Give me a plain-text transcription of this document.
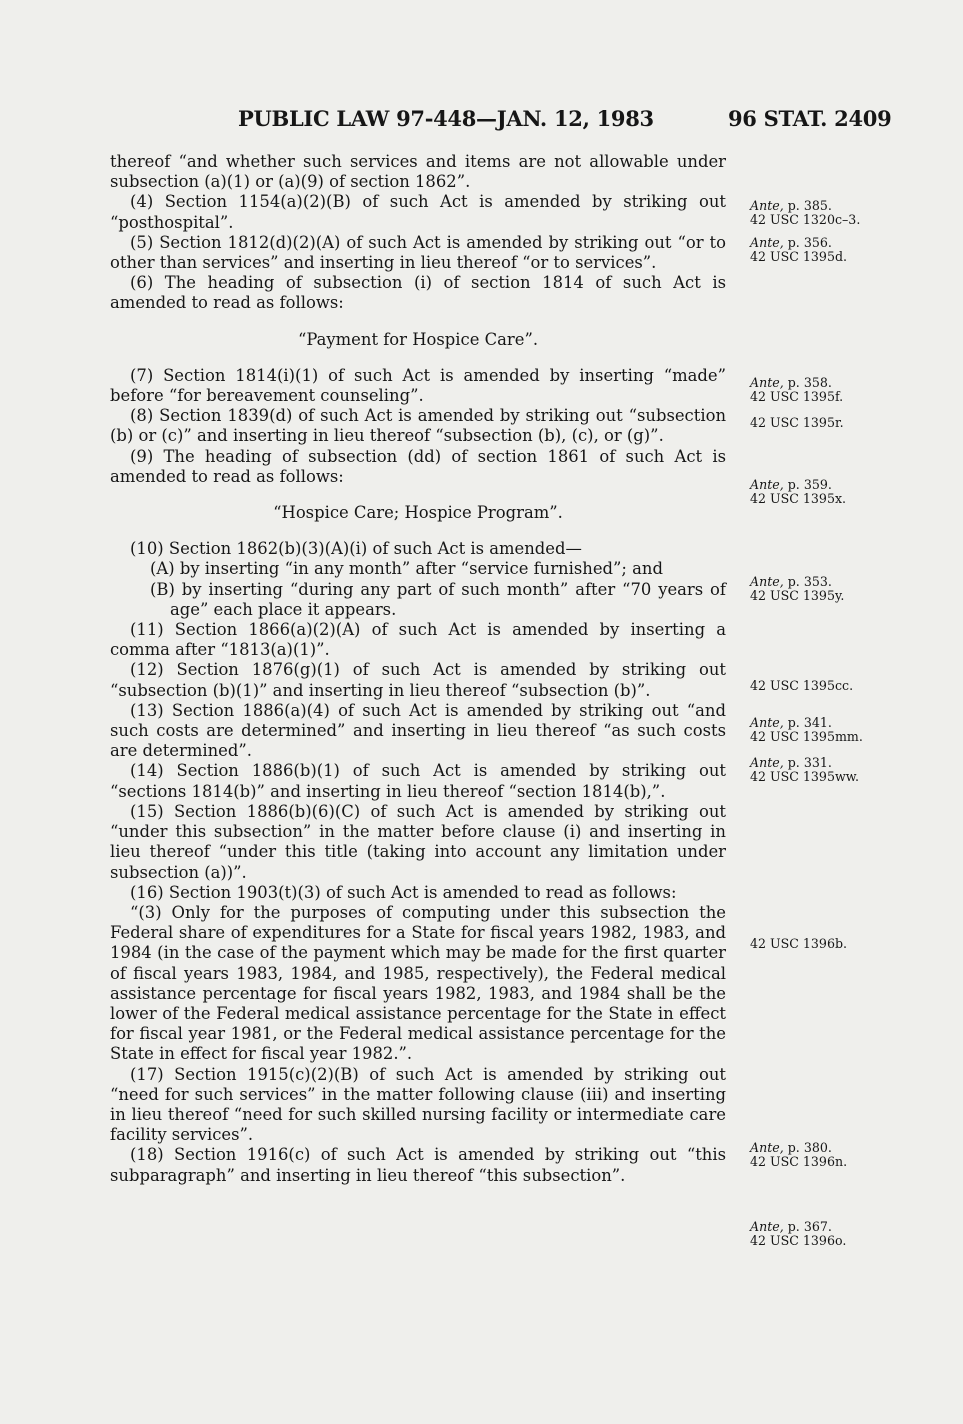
PUBLIC LAW 97-448—JAN. 12, 1983	96 STAT. 2409

thereof “and whether such services and items are not allowable under subsection (a)(1) or (a)(9) of section 1862”.

(4) Section 1154(a)(2)(B) of such Act is amended by striking out “posthospital”.

(5) Section 1812(d)(2)(A) of such Act is amended by striking out “or to other than services” and inserting in lieu thereof “or to services”.

(6) The heading of subsection (i) of section 1814 of such Act is amended to read as follows:

“Payment for Hospice Care”.

(7) Section 1814(i)(1) of such Act is amended by inserting “made” before “for bereavement counseling”.

(8) Section 1839(d) of such Act is amended by striking out “subsection (b) or (c)” and inserting in lieu thereof “subsection (b), (c), or (g)”.

(9) The heading of subsection (dd) of section 1861 of such Act is amended to read as follows:

“Hospice Care; Hospice Program”.

(10) Section 1862(b)(3)(A)(i) of such Act is amended—

(A) by inserting “in any month” after “service furnished”; and

(B) by inserting “during any part of such month” after “70 years of age” each place it appears.

(11) Section 1866(a)(2)(A) of such Act is amended by inserting a comma after “1813(a)(1)”.

(12) Section 1876(g)(1) of such Act is amended by striking out “subsection (b)(1)” and inserting in lieu thereof “subsection (b)”.

(13) Section 1886(a)(4) of such Act is amended by striking out “and such costs are determined” and inserting in lieu thereof “as such costs are determined”.

(14) Section 1886(b)(1) of such Act is amended by striking out “sections 1814(b)” and inserting in lieu thereof “section 1814(b),”.

(15) Section 1886(b)(6)(C) of such Act is amended by striking out “under this subsection” in the matter before clause (i) and inserting in lieu thereof “under this title (taking into account any limitation under subsection (a))”.

(16) Section 1903(t)(3) of such Act is amended to read as follows:

“(3) Only for the purposes of computing under this subsection the Federal share of expenditures for a State for fiscal years 1982, 1983, and 1984 (in the case of the payment which may be made for the first quarter of fiscal years 1983, 1984, and 1985, respectively), the Federal medical assistance percentage for fiscal years 1982, 1983, and 1984 shall be the lower of the Federal medical assistance percentage for the State in effect for fiscal year 1981, or the Federal medical assistance percentage for the State in effect for fiscal year 1982.”.

(17) Section 1915(c)(2)(B) of such Act is amended by striking out “need for such services” in the matter following clause (iii) and inserting in lieu thereof “need for such skilled nursing facility or intermediate care facility services”.

(18) Section 1916(c) of such Act is amended by striking out “this subparagraph” and inserting in lieu thereof “this subsection”.

Ante, p. 385.
42 USC 1320c–3.
Ante, p. 356.
42 USC 1395d.
Ante, p. 358.
42 USC 1395f.
42 USC 1395r.
Ante, p. 359.
42 USC 1395x.
Ante, p. 353.
42 USC 1395y.
42 USC 1395cc.
Ante, p. 341.
42 USC 1395mm.
Ante, p. 331.
42 USC 1395ww.
42 USC 1396b.
Ante, p. 380.
42 USC 1396n.
Ante, p. 367.
42 USC 1396o.
